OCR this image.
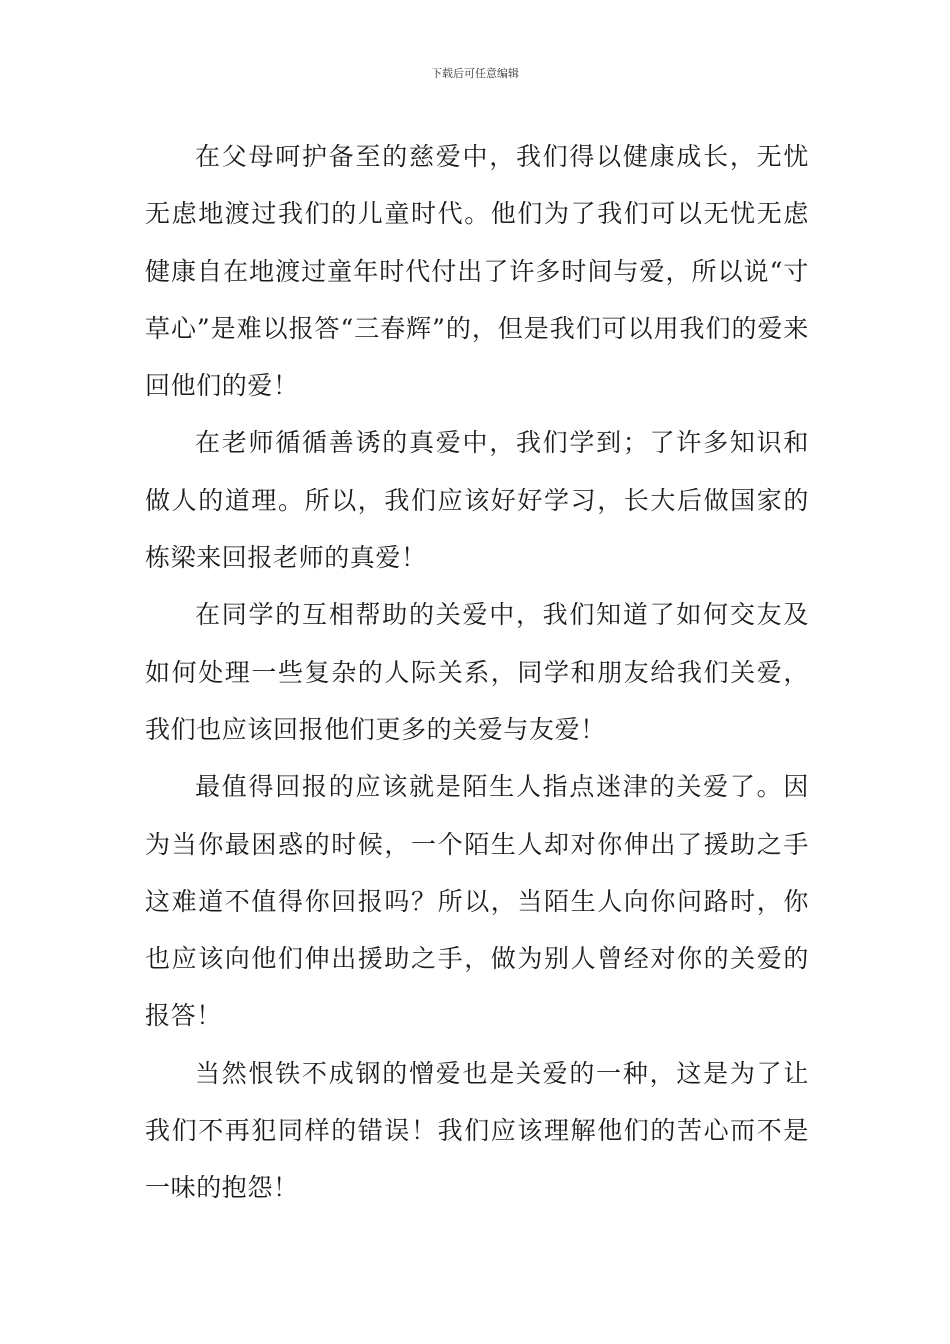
下载后可任意编辑

在父母呵护备至的慈爱中，我们得以健康成长，无忧无虑地渡过我们的儿童时代。他们为了我们可以无忧无虑健康自在地渡过童年时代付出了许多时间与爱，所以说“寸草心”是难以报答“三春辉”的，但是我们可以用我们的爱来回他们的爱！

在老师循循善诱的真爱中，我们学到；了许多知识和做人的道理。所以，我们应该好好学习，长大后做国家的栋梁来回报老师的真爱！

在同学的互相帮助的关爱中，我们知道了如何交友及如何处理一些复杂的人际关系，同学和朋友给我们关爱，我们也应该回报他们更多的关爱与友爱！

最值得回报的应该就是陌生人指点迷津的关爱了。因为当你最困惑的时候，一个陌生人却对你伸出了援助之手这难道不值得你回报吗？所以，当陌生人向你问路时，你也应该向他们伸出援助之手，做为别人曾经对你的关爱的报答！

当然恨铁不成钢的憎爱也是关爱的一种，这是为了让我们不再犯同样的错误！我们应该理解他们的苦心而不是一味的抱怨！
